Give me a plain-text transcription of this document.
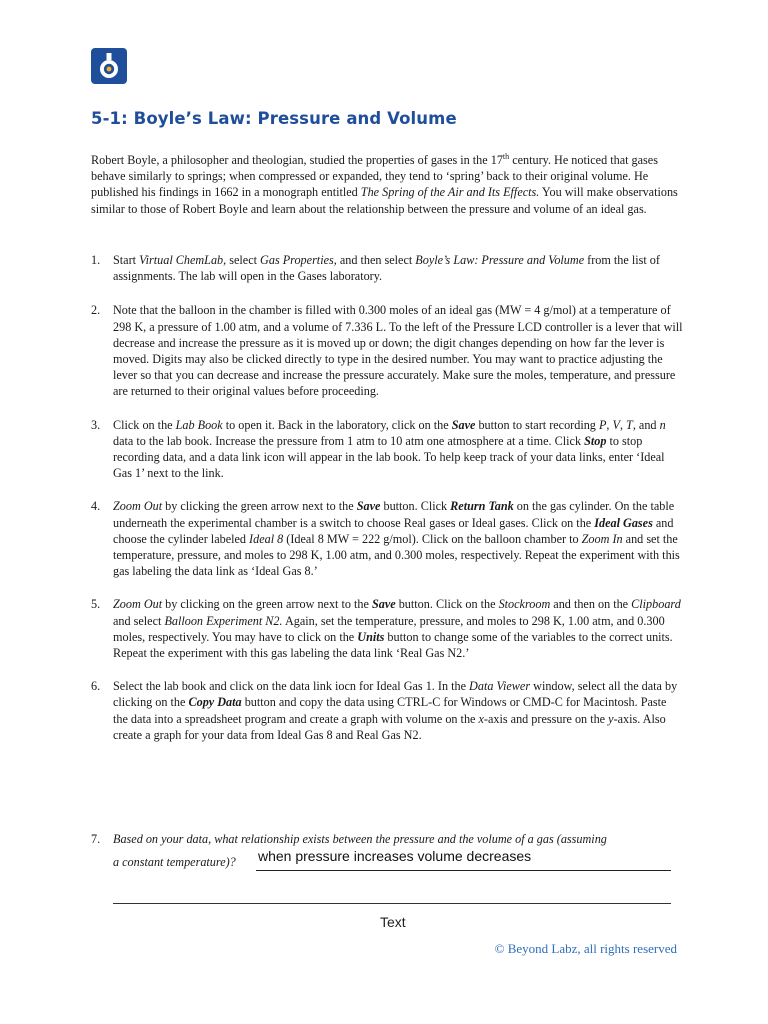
5-1: Boyle’s Law: Pressure and Volume
Robert Boyle, a philosopher and theologian, studied the properties of gases in the 17th century. He noticed that gases behave similarly to springs; when compressed or expanded, they tend to ‘spring’ back to their original volume. He published his findings in 1662 in a monograph entitled The Spring of the Air and Its Effects. You will make observations similar to those of Robert Boyle and learn about the relationship between the pressure and volume of an ideal gas.
1. Start Virtual ChemLab, select Gas Properties, and then select Boyle’s Law: Pressure and Volume from the list of assignments. The lab will open in the Gases laboratory.
2. Note that the balloon in the chamber is filled with 0.300 moles of an ideal gas (MW = 4 g/mol) at a temperature of 298 K, a pressure of 1.00 atm, and a volume of 7.336 L. To the left of the Pressure LCD controller is a lever that will decrease and increase the pressure as it is moved up or down; the digit changes depending on how far the lever is moved. Digits may also be clicked directly to type in the desired number. You may want to practice adjusting the lever so that you can decrease and increase the pressure accurately. Make sure the moles, temperature, and pressure are returned to their original values before proceeding.
3. Click on the Lab Book to open it. Back in the laboratory, click on the Save button to start recording P, V, T, and n data to the lab book. Increase the pressure from 1 atm to 10 atm one atmosphere at a time. Click Stop to stop recording data, and a data link icon will appear in the lab book. To help keep track of your data links, enter ‘Ideal Gas 1’ next to the link.
4. Zoom Out by clicking the green arrow next to the Save button. Click Return Tank on the gas cylinder. On the table underneath the experimental chamber is a switch to choose Real gases or Ideal gases. Click on the Ideal Gases and choose the cylinder labeled Ideal 8 (Ideal 8 MW = 222 g/mol). Click on the balloon chamber to Zoom In and set the temperature, pressure, and moles to 298 K, 1.00 atm, and 0.300 moles, respectively. Repeat the experiment with this gas labeling the data link as ‘Ideal Gas 8.’
5. Zoom Out by clicking on the green arrow next to the Save button. Click on the Stockroom and then on the Clipboard and select Balloon Experiment N2. Again, set the temperature, pressure, and moles to 298 K, 1.00 atm, and 0.300 moles, respectively. You may have to click on the Units button to change some of the variables to the correct units. Repeat the experiment with this gas labeling the data link ‘Real Gas N2.’
6. Select the lab book and click on the data link iocn for Ideal Gas 1. In the Data Viewer window, select all the data by clicking on the Copy Data button and copy the data using CTRL-C for Windows or CMD-C for Macintosh. Paste the data into a spreadsheet program and create a graph with volume on the x-axis and pressure on the y-axis. Also create a graph for your data from Ideal Gas 8 and Real Gas N2.
7. Based on your data, what relationship exists between the pressure and the volume of a gas (assuming
a constant temperature)? when pressure increases volume decreases
Text
© Beyond Labz, all rights reserved
